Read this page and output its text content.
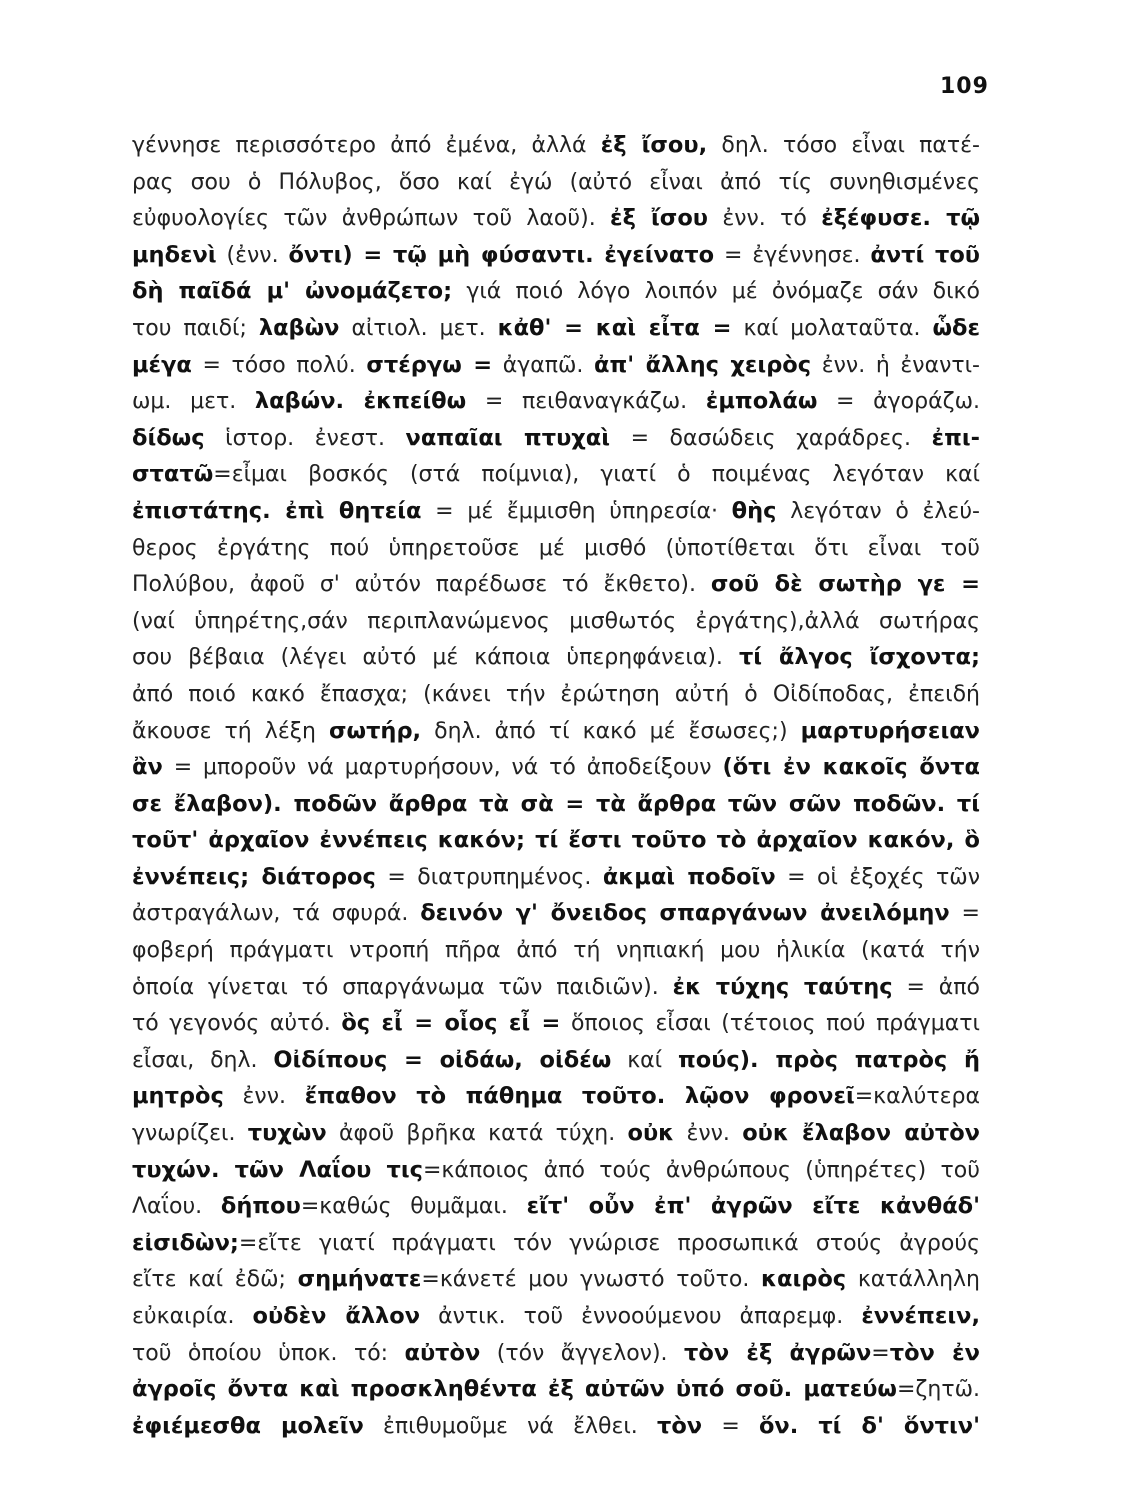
109
γέννησε περισσότερο ἀπό ἐμένα, ἀλλά ἐξ ἴσου, δηλ. τόσο εἶναι πατέ-
ρας σου ὁ Πόλυβος, ὅσο καί ἐγώ (αὐτό εἶναι ἀπό τίς συνηθισμένες
εὐφυολογίες τῶν ἀνθρώπων τοῦ λαοῦ). ἐξ ἴσου ἐνν. τό ἐξέφυσε. τῷ
μηδενὶ (ἐνν. ὄντι) = τῷ μὴ φύσαντι. ἐγείνατο = ἐγέννησε. ἀντί τοῦ
δὴ παῖδά μ' ὠνομάζετο; γιά ποιό λόγο λοιπόν μέ ὀνόμαζε σάν δικό
του παιδί; λαβὼν αἰτιολ. μετ. κἀθ' = καὶ εἶτα = καί μολαταῦτα. ὧδε
μέγα = τόσο πολύ. στέργω = ἀγαπῶ. ἀπ' ἄλλης χειρὸς ἐνν. ἡ ἐναντι-
ωμ. μετ. λαβών. ἐκπείθω = πειθαναγκάζω. ἐμπολάω = ἀγοράζω.
δίδως ἱστορ. ἐνεστ. ναπαῖαι πτυχαὶ = δασώδεις χαράδρες. ἐπι-
στατῶ=εἶμαι βοσκός (στά ποίμνια), γιατί ὁ ποιμένας λεγόταν καί
ἐπιστάτης. ἐπὶ θητεία = μέ ἔμμισθη ὑπηρεσία· θὴς λεγόταν ὁ ἐλεύ-
θερος ἐργάτης πού ὑπηρετοῦσε μέ μισθό (ὑποτίθεται ὅτι εἶναι τοῦ
Πολύβου, ἀφοῦ σ' αὐτόν παρέδωσε τό ἔκθετο). σοῦ δὲ σωτὴρ γε =
(ναί ὑπηρέτης,σάν περιπλανώμενος μισθωτός ἐργάτης),ἀλλά σωτήρας
σου βέβαια (λέγει αὐτό μέ κάποια ὑπερηφάνεια). τί ἄλγος ἴσχοντα;
ἀπό ποιό κακό ἔπασχα; (κάνει τήν ἐρώτηση αὐτή ὁ Οἰδίποδας, ἐπειδή
ἄκουσε τή λέξη σωτήρ, δηλ. ἀπό τί κακό μέ ἔσωσες;) μαρτυρήσειαν
ἂν = μποροῦν νά μαρτυρήσουν, νά τό ἀποδείξουν (ὅτι ἐν κακοῖς ὄντα
σε ἔλαβον). ποδῶν ἄρθρα τὰ σὰ = τὰ ἄρθρα τῶν σῶν ποδῶν. τί
τοῦτ' ἀρχαῖον ἐννέπεις κακόν; τί ἔστι τοῦτο τὸ ἀρχαῖον κακόν, ὃ
ἐννέπεις; διάτορος = διατρυπημένος. ἀκμαὶ ποδοῖν = οἱ ἐξοχές τῶν
ἀστραγάλων, τά σφυρά. δεινόν γ' ὄνειδος σπαργάνων ἀνειλόμην =
φοβερή πράγματι ντροπή πῆρα ἀπό τή νηπιακή μου ἡλικία (κατά τήν
ὁποία γίνεται τό σπαργάνωμα τῶν παιδιῶν). ἐκ τύχης ταύτης = ἀπό
τό γεγονός αὐτό. ὃς εἶ = οἷος εἶ = ὅποιος εἶσαι (τέτοιος πού πράγματι
εἶσαι, δηλ. Οἰδίπους = οἰδάω, οἰδέω καί πούς). πρὸς πατρὸς ἤ
μητρὸς ἐνν. ἔπαθον τὸ πάθημα τοῦτο. λῷον φρονεῖ=καλύτερα
γνωρίζει. τυχὼν ἀφοῦ βρῆκα κατά τύχη. οὐκ ἐνν. οὐκ ἔλαβον αὐτὸν
τυχών. τῶν Λαΐου τις=κάποιος ἀπό τούς ἀνθρώπους (ὑπηρέτες) τοῦ
Λαΐου. δήπου=καθώς θυμᾶμαι. εἴτ' οὖν ἐπ' ἀγρῶν εἴτε κἀνθάδ'
εἰσιδὼν;=εἴτε γιατί πράγματι τόν γνώρισε προσωπικά στούς ἀγρούς
εἴτε καί ἐδῶ; σημήνατε=κάνετέ μου γνωστό τοῦτο. καιρὸς κατάλληλη
εὐκαιρία. οὐδὲν ἄλλον ἀντικ. τοῦ ἐννοούμενου ἀπαρεμφ. ἐννέπειν,
τοῦ ὁποίου ὑποκ. τό: αὐτὸν (τόν ἄγγελον). τὸν ἐξ ἀγρῶν=τὸν ἐν
ἀγροῖς ὄντα καὶ προσκληθέντα ἐξ αὐτῶν ὑπό σοῦ. ματεύω=ζητῶ.
ἐφιέμεσθα μολεῖν ἐπιθυμοῦμε νά ἔλθει. τὸν = ὅν. τί δ' ὅντιν'
